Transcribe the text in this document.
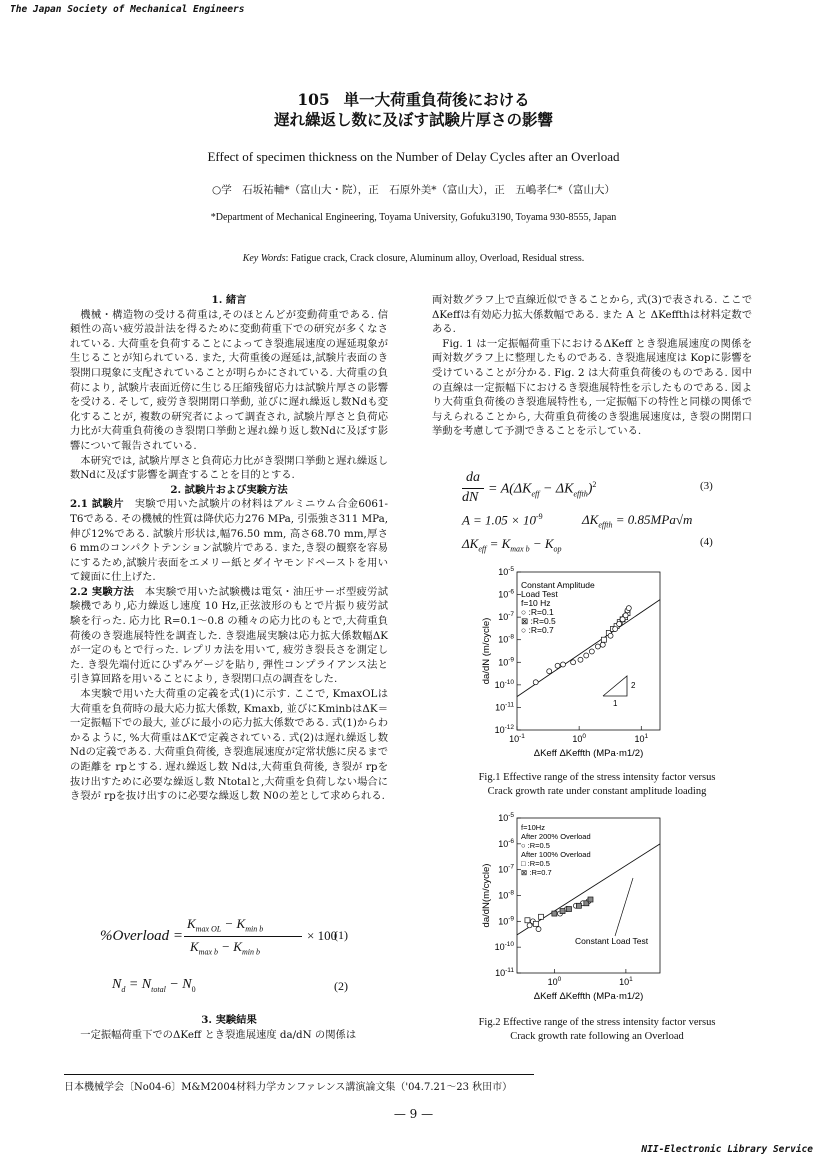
The Japan Society of Mechanical Engineers
NII-Electronic Library Service
105 単一大荷重負荷後における
遅れ繰返し数に及ぼす試験片厚さの影響
Effect of specimen thickness on the Number of Delay Cycles after an Overload
○学　石坂祐輔*（富山大・院），正　石原外美*（富山大），正　五嶋孝仁*（富山大）
*Department of Mechanical Engineering, Toyama University, Gofuku3190, Toyama 930-8555, Japan
Key Words: Fatigue crack, Crack closure, Aluminum alloy, Overload, Residual stress.

1. 緒言

機械・構造物の受ける荷重は,そのほとんどが変動荷重である. 信頼性の高い疲労設計法を得るために変動荷重下での研究が多くなされている. 大荷重を負荷することによってき裂進展速度の遅延現象が生じることが知られている. また, 大荷重後の遅延は,試験片表面のき裂開口現象に支配されていることが明らかにされている. 大荷重の負荷により, 試験片表面近傍に生じる圧縮残留応力は試験片厚さの影響を受ける. そして, 疲労き裂開閉口挙動, 並びに遅れ繰返し数Ndも変化することが, 複数の研究者によって調査され, 試験片厚さと負荷応力比が大荷重負荷後のき裂閉口挙動と遅れ繰り返し数Ndに及ぼす影響について報告されている.

本研究では, 試験片厚さと負荷応力比がき裂開口挙動と遅れ繰返し数Ndに及ぼす影響を調査することを目的とする.

2. 試験片および実験方法

2.1 試験片　実験で用いた試験片の材料はアルミニウム合金6061-T6である. その機械的性質は降伏応力276 MPa, 引張強さ311 MPa, 伸び12%である. 試験片形状は,幅76.50 mm, 高さ68.70 mm,厚さ6 mmのコンパクトテンション試験片である. また,き裂の観察を容易にするため,試験片表面をエメリー紙とダイヤモンドペーストを用いて鏡面に仕上げた.

2.2 実験方法　本実験で用いた試験機は電気・油圧サーボ型疲労試験機であり,応力繰返し速度 10 Hz,正弦波形のもとで片振り疲労試験を行った. 応力比 R=0.1～0.8 の種々の応力比のもとで,大荷重負荷後のき裂進展特性を調査した. き裂進展実験は応力拡大係数幅ΔK が一定のもとで行った. レプリカ法を用いて, 疲労き裂長さを測定した. き裂先端付近にひずみゲージを貼り, 弾性コンプライアンス法と引き算回路を用いることにより, き裂閉口点の調査をした.

本実験で用いた大荷重の定義を式(1)に示す. ここで, KmaxOLは大荷重を負荷時の最大応力拡大係数, Kmaxb, 並びにKminbはΔK＝一定振幅下での最大, 並びに最小の応力拡大係数である. 式(1)からわかるように, %大荷重はΔKで定義されている. 式(2)は遅れ繰返し数 Ndの定義である. 大荷重負荷後, き裂進展速度が定常状態に戻るまでの距離を rpとする. 遅れ繰返し数 Ndは,大荷重負荷後, き裂が rpを抜け出すために必要な繰返し数 Ntotalと,大荷重を負荷しない場合にき裂が rpを抜け出すのに必要な繰返し数 N0の差として求められる.

%Overload =
$K_{max OL} - K_{min b}$
$K_{max b} - K_{min b}$
× 100
(1)
$N_d = N_{total} - N_0$	(2)

3. 実験結果

一定振幅荷重下でのΔKeff とき裂進展速度 da/dN の関係は

両対数グラフ上で直線近似できることから, 式(3)で表される. ここでΔKeffは有効応力拡大係数幅である. また A と ΔKeffthは材料定数である.

Fig. 1 は一定振幅荷重下におけるΔKeff とき裂進展速度の関係を両対数グラフ上に整理したものである. き裂進展速度は Kopに影響を受けていることが分かる. Fig. 2 は大荷重負荷後のものである. 図中の直線は一定振幅下におけるき裂進展特性を示したものである. 図より大荷重負荷後のき裂進展特性も, 一定振幅下の特性と同様の関係で与えられることから, 大荷重負荷後のき裂進展速度は, き裂の開閉口挙動を考慮して予測できることを示している.

da
dN
= $A(\Delta K_{eff} - \Delta K_{effth})^2$	(3)
$A = 1.05 \times 10^{-9}$	$\Delta K_{effth} = 0.85MPa√m$
$\Delta K_{eff} = K_{max b} - K_{op}$
(4)
$10^{-12}$
$10^{-11}$
$10^{-10}$
$10^{-9}$
$10^{-8}$
$10^{-7}$
$10^{-6}$
$10^{-5}$
$10^{-1}$	$10^0$	$10^1$
ΔKeff ΔKeffth (MPa·m1/2)
da/dN (m/cycle)
Constant Amplitude
Load Test
f=10 Hz
○ :R=0.1
⊠ :R=0.5
○ :R=0.7
2
1
Fig.1 Effective range of the stress intensity factor versus
Crack growth rate under constant amplitude loading
$10^{-11}$
$10^{-10}$
$10^{-9}$
$10^{-8}$
$10^{-7}$
$10^{-6}$
$10^{-5}$
$10^0$	$10^1$
ΔKeff ΔKeffth (MPa·m1/2)
da/dN(m/cycle)
f=10Hz
After 200% Overload
○ :R=0.5
After 100% Overload
□ :R=0.5
⊠ :R=0.7
Constant Load Test
Fig.2 Effective range of the stress intensity factor versus
Crack growth rate following an Overload
日本機械学会〔No04-6〕M&M2004材料力学カンファレンス講演論文集（'04.7.21～23 秋田市）
— 9 —
